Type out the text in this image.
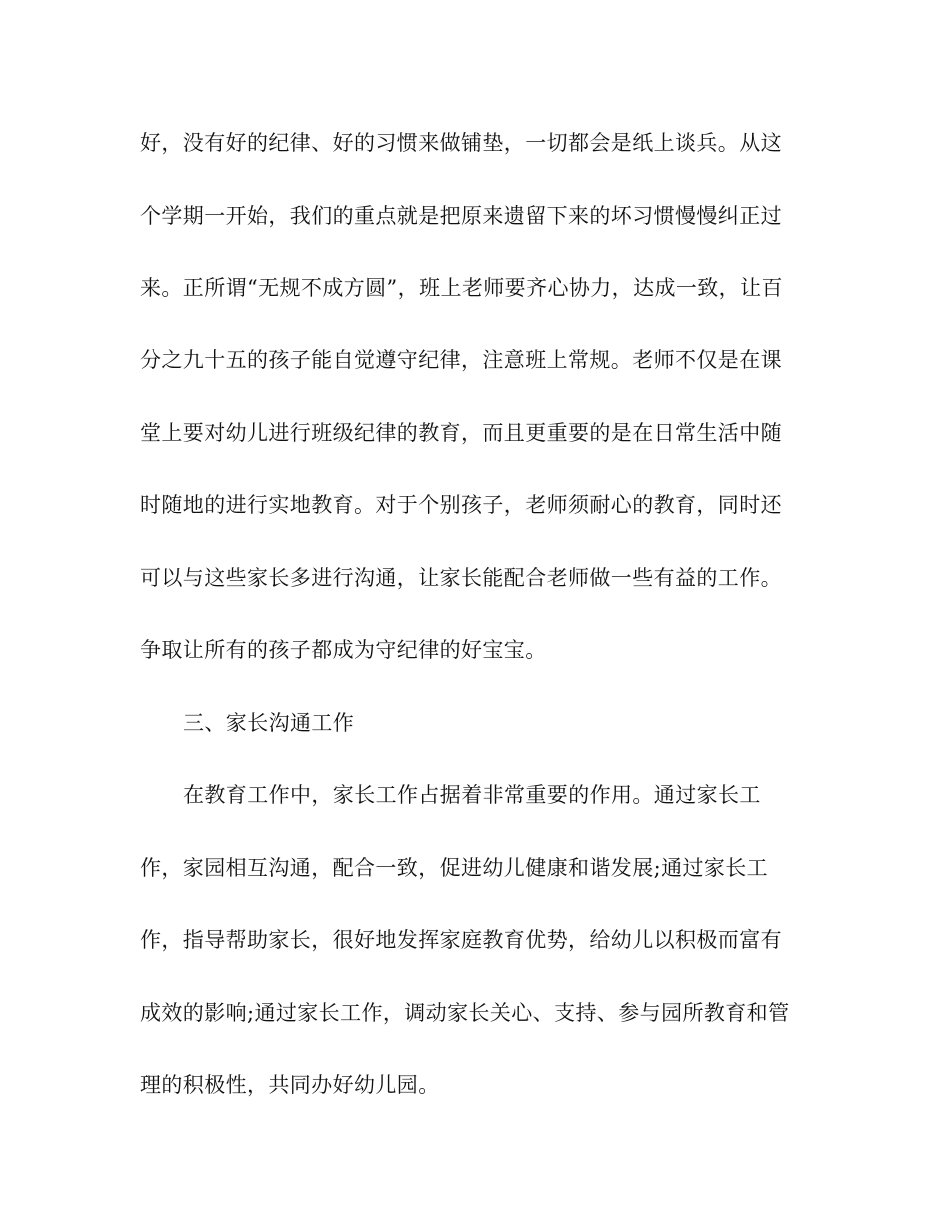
好，没有好的纪律、好的习惯来做铺垫，一切都会是纸上谈兵。从这
个学期一开始，我们的重点就是把原来遗留下来的坏习惯慢慢纠正过
来。正所谓“无规不成方圆”，班上老师要齐心协力，达成一致，让百
分之九十五的孩子能自觉遵守纪律，注意班上常规。老师不仅是在课
堂上要对幼儿进行班级纪律的教育，而且更重要的是在日常生活中随
时随地的进行实地教育。对于个别孩子，老师须耐心的教育，同时还
可以与这些家长多进行沟通，让家长能配合老师做一些有益的工作。
争取让所有的孩子都成为守纪律的好宝宝。
三、家长沟通工作
在教育工作中，家长工作占据着非常重要的作用。通过家长工
作，家园相互沟通，配合一致，促进幼儿健康和谐发展;通过家长工
作，指导帮助家长，很好地发挥家庭教育优势，给幼儿以积极而富有
成效的影响;通过家长工作，调动家长关心、支持、参与园所教育和管
理的积极性，共同办好幼儿园。
